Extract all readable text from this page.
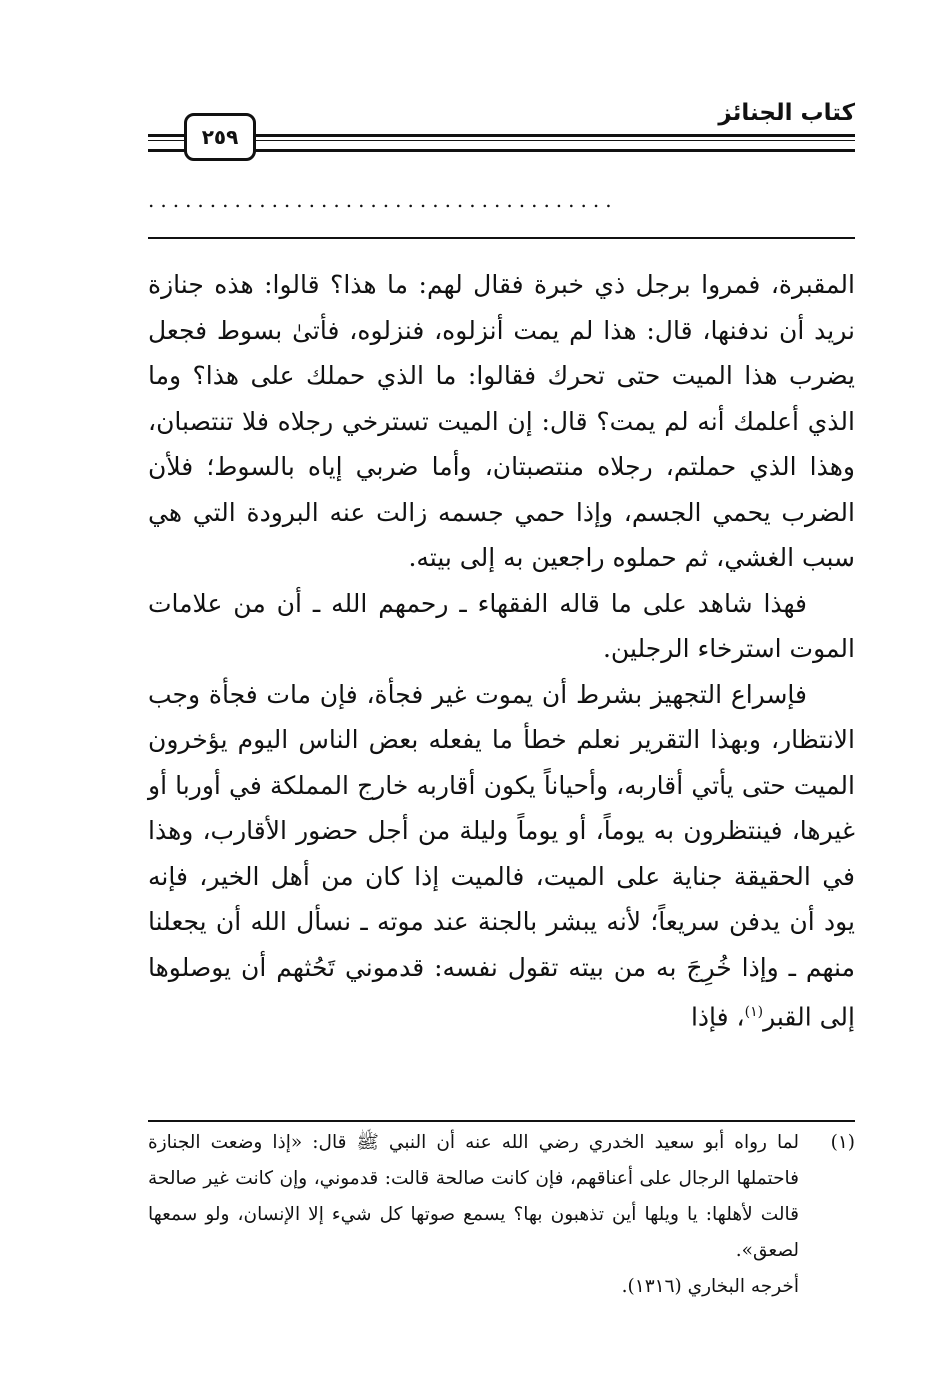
كتاب الجنائز
٢٥٩
......................................

المقبرة، فمروا برجل ذي خبرة فقال لهم: ما هذا؟ قالوا: هذه جنازة نريد أن ندفنها، قال: هذا لم يمت أنزلوه، فنزلوه، فأتىٰ بسوط فجعل يضرب هذا الميت حتى تحرك فقالوا: ما الذي حملك على هذا؟ وما الذي أعلمك أنه لم يمت؟ قال: إن الميت تسترخي رجلاه فلا تنتصبان، وهذا الذي حملتم، رجلاه منتصبتان، وأما ضربي إياه بالسوط؛ فلأن الضرب يحمي الجسم، وإذا حمي جسمه زالت عنه البرودة التي هي سبب الغشي، ثم حملوه راجعين به إلى بيته.

فهذا شاهد على ما قاله الفقهاء ـ رحمهم الله ـ أن من علامات الموت استرخاء الرجلين.

فإسراع التجهيز بشرط أن يموت غير فجأة، فإن مات فجأة وجب الانتظار، وبهذا التقرير نعلم خطأ ما يفعله بعض الناس اليوم يؤخرون الميت حتى يأتي أقاربه، وأحياناً يكون أقاربه خارج المملكة في أوربا أو غيرها، فينتظرون به يوماً، أو يوماً وليلة من أجل حضور الأقارب، وهذا في الحقيقة جناية على الميت، فالميت إذا كان من أهل الخير، فإنه يود أن يدفن سريعاً؛ لأنه يبشر بالجنة عند موته ـ نسأل الله أن يجعلنا منهم ـ وإذا خُرِجَ به من بيته تقول نفسه: قدموني تَحُثهم أن يوصلوها إلى القبر$^{(١)}$، فإذا

(١)

لما رواه أبو سعيد الخدري رضي الله عنه أن النبي ﷺ قال: «إذا وضعت الجنازة فاحتملها الرجال على أعناقهم، فإن كانت صالحة قالت: قدموني، وإن كانت غير صالحة قالت لأهلها: يا ويلها أين تذهبون بها؟ يسمع صوتها كل شيء إلا الإنسان، ولو سمعها لصعق».

أخرجه البخاري (١٣١٦).
